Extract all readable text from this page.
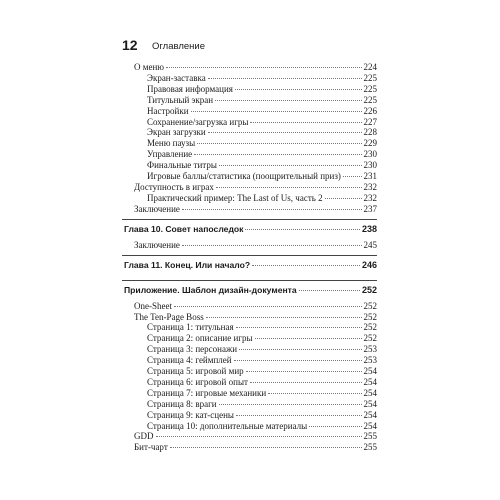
12 Оглавление
О меню	224
Экран-заставка	225
Правовая информация	225
Титульный экран	225
Настройки	226
Сохранение/загрузка игры	227
Экран загрузки	228
Меню паузы	229
Управление	230
Финальные титры	230
Игровые баллы/статистика (поощрительный приз)	231
Доступность в играх	232
Практический пример: The Last of Us, часть 2	232
Заключение	237
Глава 10. Совет напоследок	238
Заключение	245
Глава 11. Конец. Или начало?	246
Приложение. Шаблон дизайн-документа	252
One-Sheet	252
The Ten-Page Boss	252
Страница 1: титульная	252
Страница 2: описание игры	252
Страница 3: персонажи	253
Страница 4: геймплей	253
Страница 5: игровой мир	254
Страница 6: игровой опыт	254
Страница 7: игровые механики	254
Страница 8: враги	254
Страница 9: кат-сцены	254
Страница 10: дополнительные материалы	254
GDD	255
Бит-чарт	255
